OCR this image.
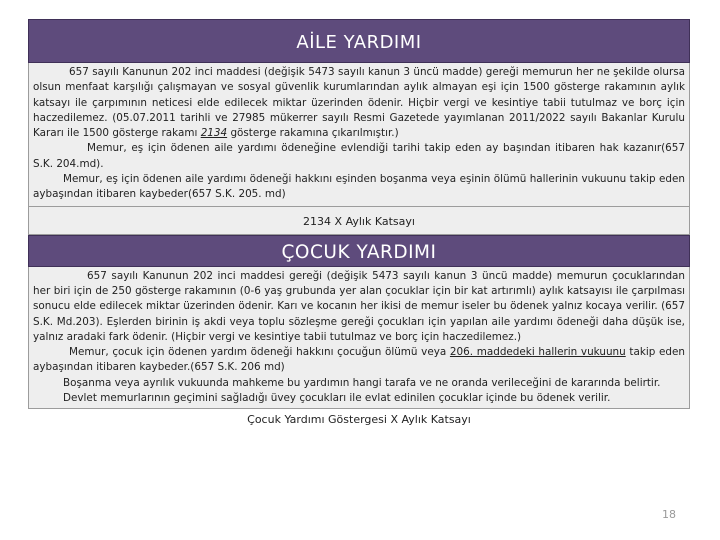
AİLE YARDIMI

657 sayılı Kanunun 202 inci maddesi (değişik 5473 sayılı kanun 3 üncü madde) gereği memurun her ne şekilde olursa olsun menfaat karşılığı çalışmayan ve sosyal güvenlik kurumlarından aylık almayan eşi için 1500 gösterge rakamının aylık katsayı ile çarpımının neticesi elde edilecek miktar üzerinden ödenir. Hiçbir vergi ve kesintiye tabii tutulmaz ve borç için haczedilemez. (05.07.2011 tarihli ve 27985 mükerrer sayılı Resmi Gazetede yayımlanan 2011/2022 sayılı Bakanlar Kurulu Kararı ile 1500 gösterge rakamı 2134 gösterge rakamına çıkarılmıştır.)

Memur, eş için ödenen aile yardımı ödeneğine evlendiği tarihi takip eden ay başından itibaren hak kazanır(657 S.K. 204.md).

Memur, eş için ödenen aile yardımı ödeneği hakkını eşinden boşanma veya eşinin ölümü hallerinin vukuunu takip eden aybaşından itibaren kaybeder(657 S.K. 205. md)

2134 X Aylık Katsayı
ÇOCUK YARDIMI

657 sayılı Kanunun 202 inci maddesi gereği (değişik 5473 sayılı kanun 3 üncü madde) memurun çocuklarından her biri için de 250 gösterge rakamının (0-6 yaş grubunda yer alan çocuklar için bir kat artırımlı) aylık katsayısı ile çarpılması sonucu elde edilecek miktar üzerinden ödenir. Karı ve kocanın her ikisi de memur iseler bu ödenek yalnız kocaya verilir. (657 S.K. Md.203). Eşlerden birinin iş akdi veya toplu sözleşme gereği çocukları için yapılan aile yardımı ödeneği daha düşük ise, yalnız aradaki fark ödenir. (Hiçbir vergi ve kesintiye tabii tutulmaz ve borç için haczedilemez.)

Memur, çocuk için ödenen yardım ödeneği hakkını çocuğun ölümü veya 206. maddedeki hallerin vukuunu takip eden aybaşından itibaren kaybeder.(657 S.K. 206 md)

Boşanma veya ayrılık vukuunda mahkeme bu yardımın hangi tarafa ve ne oranda verileceğini de kararında belirtir.

Devlet memurlarının geçimini sağladığı üvey çocukları ile evlat edinilen çocuklar içinde bu ödenek verilir.

Çocuk Yardımı Göstergesi X Aylık Katsayı
18
